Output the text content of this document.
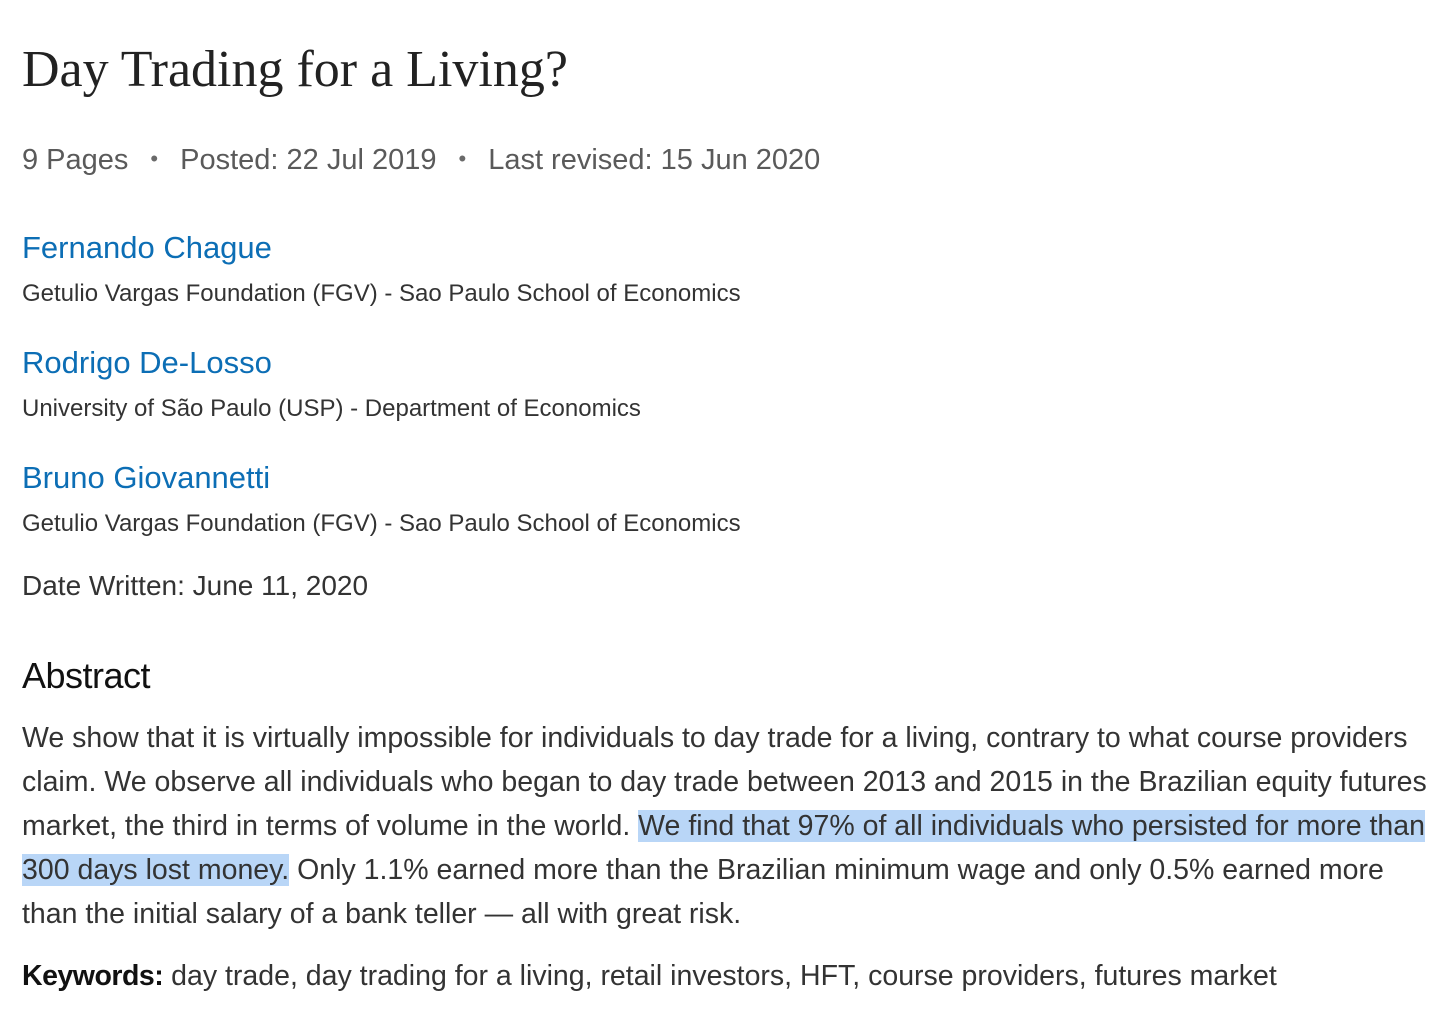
Day Trading for a Living?
9 Pages • Posted: 22 Jul 2019 • Last revised: 15 Jun 2020
Fernando Chague
Getulio Vargas Foundation (FGV) - Sao Paulo School of Economics
Rodrigo De-Losso
University of São Paulo (USP) - Department of Economics
Bruno Giovannetti
Getulio Vargas Foundation (FGV) - Sao Paulo School of Economics
Date Written: June 11, 2020
Abstract

We show that it is virtually impossible for individuals to day trade for a living, contrary to what course providers claim. We observe all individuals who began to day trade between 2013 and 2015 in the Brazilian equity futures market, the third in terms of volume in the world. We find that 97% of all individuals who persisted for more than 300 days lost money. Only 1.1% earned more than the Brazilian minimum wage and only 0.5% earned more than the initial salary of a bank teller — all with great risk.

Keywords: day trade, day trading for a living, retail investors, HFT, course providers, futures market
